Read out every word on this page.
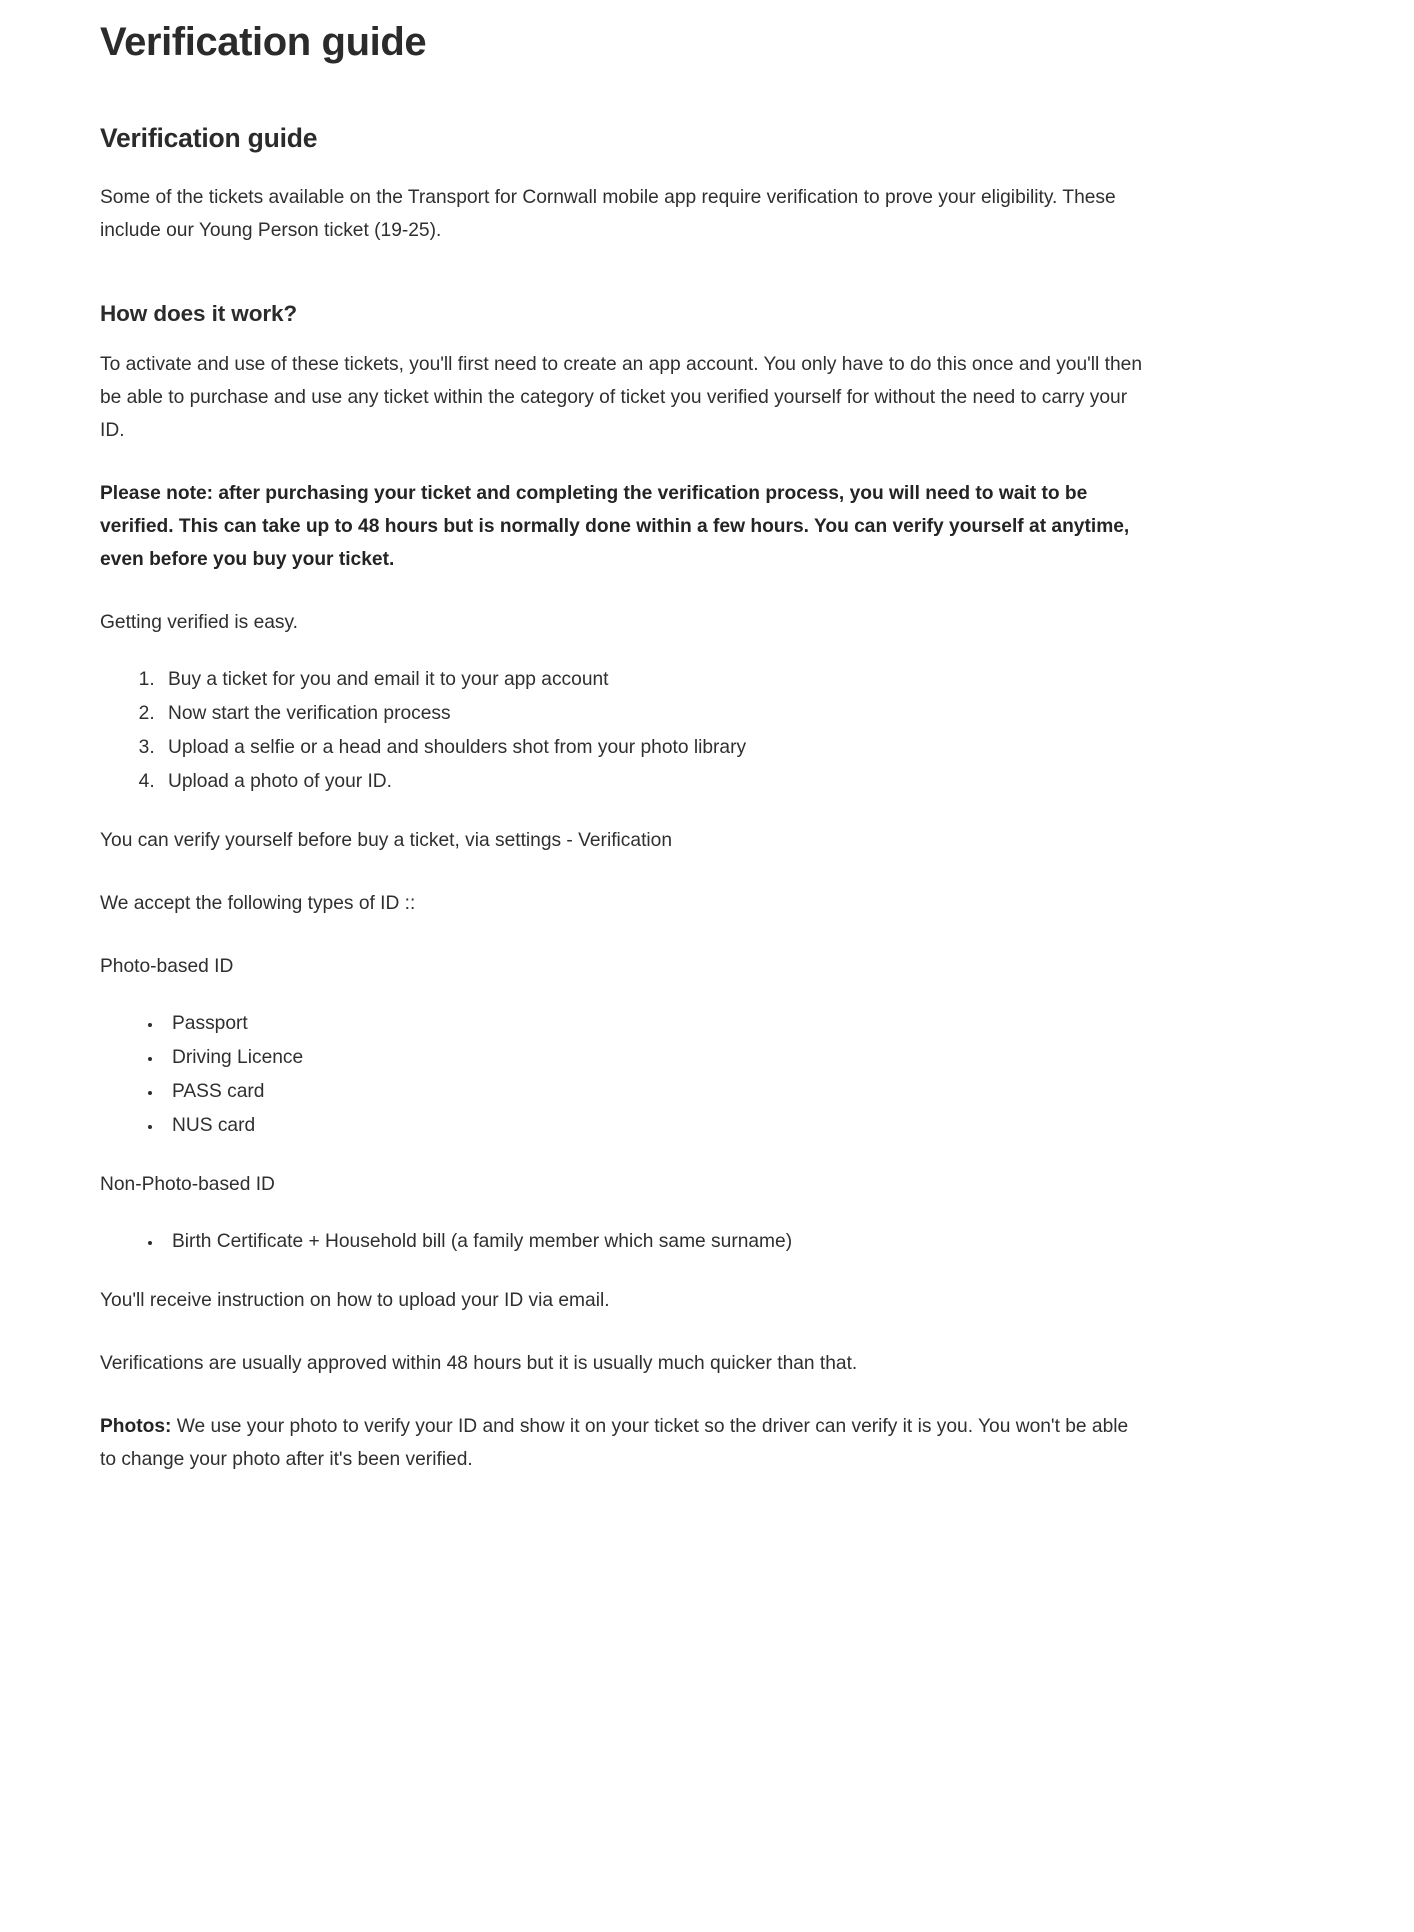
Verification guide
Verification guide

Some of the tickets available on the Transport for Cornwall mobile app require verification to prove your eligibility. These include our Young Person ticket (19-25).

How does it work?

To activate and use of these tickets, you'll first need to create an app account. You only have to do this once and you'll then be able to purchase and use any ticket within the category of ticket you verified yourself for without the need to carry your ID.

Please note: after purchasing your ticket and completing the verification process, you will need to wait to be verified. This can take up to 48 hours but is normally done within a few hours. You can verify yourself at anytime, even before you buy your ticket.

Getting verified is easy.

1. Buy a ticket for you and email it to your app account
2. Now start the verification process
3. Upload a selfie or a head and shoulders shot from your photo library
4. Upload a photo of your ID.

You can verify yourself before buy a ticket, via settings - Verification

We accept the following types of ID ::

Photo-based ID

• Passport
• Driving Licence
• PASS card
• NUS card

Non-Photo-based ID

• Birth Certificate + Household bill (a family member which same surname)

You'll receive instruction on how to upload your ID via email.

Verifications are usually approved within 48 hours but it is usually much quicker than that.

Photos: We use your photo to verify your ID and show it on your ticket so the driver can verify it is you. You won't be able to change your photo after it's been verified.
